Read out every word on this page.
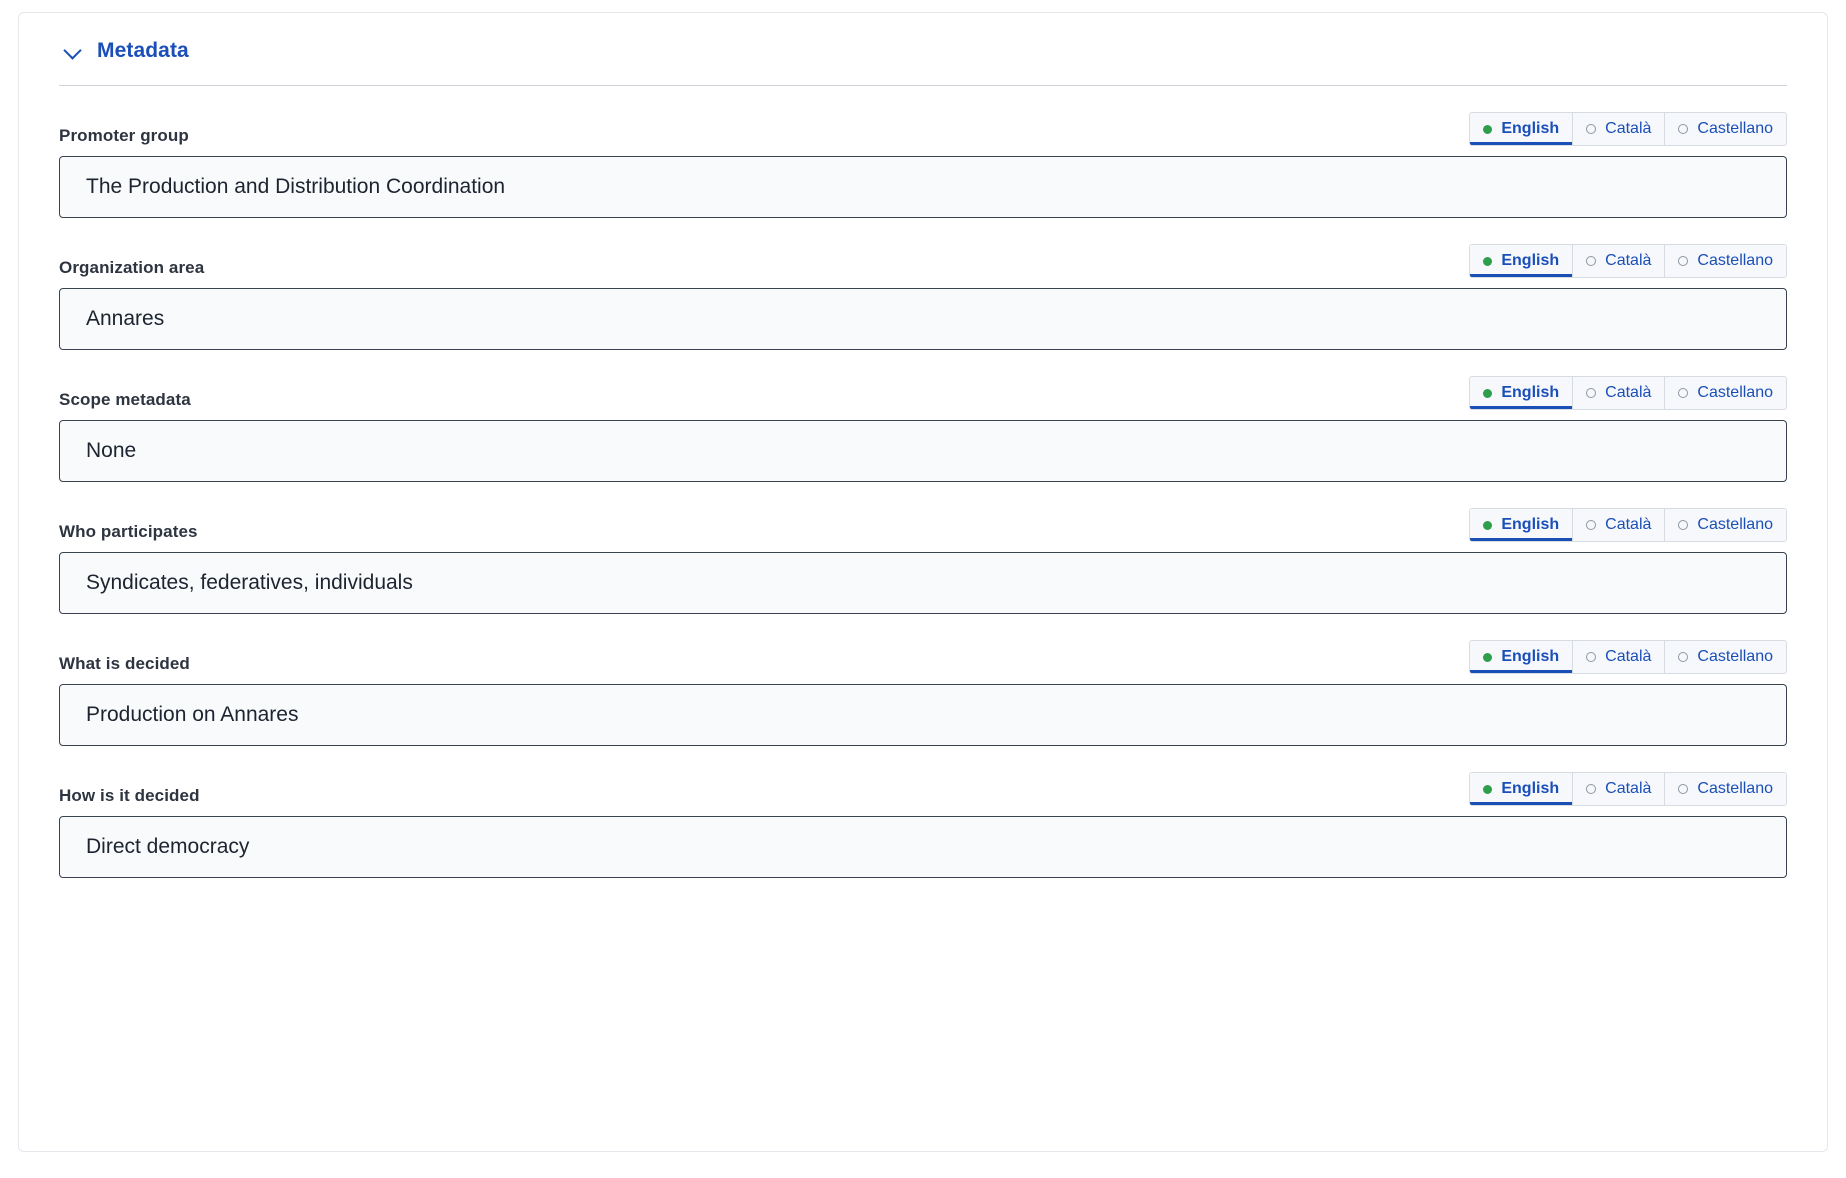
Metadata
Promoter group	English	Català	Castellano
The Production and Distribution Coordination
Organization area	English	Català	Castellano
Annares
Scope metadata	English	Català	Castellano
None
Who participates	English	Català	Castellano
Syndicates, federatives, individuals
What is decided	English	Català	Castellano
Production on Annares
How is it decided	English	Català	Castellano
Direct democracy
